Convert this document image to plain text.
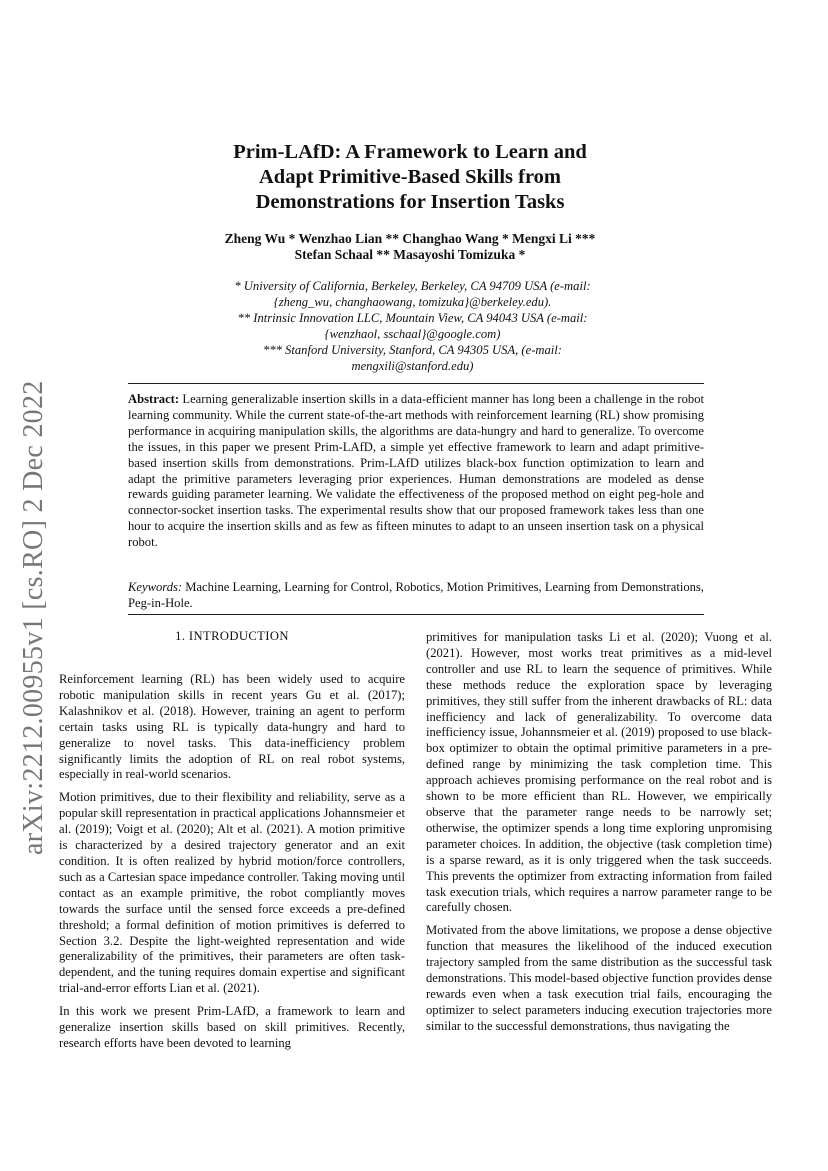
arXiv:2212.00955v1 [cs.RO] 2 Dec 2022
Prim-LAfD: A Framework to Learn and
Adapt Primitive-Based Skills from
Demonstrations for Insertion Tasks
Zheng Wu * Wenzhao Lian ** Changhao Wang * Mengxi Li ***
Stefan Schaal ** Masayoshi Tomizuka *
* University of California, Berkeley, Berkeley, CA 94709 USA (e-mail:
{zheng_wu, changhaowang, tomizuka}@berkeley.edu).
** Intrinsic Innovation LLC, Mountain View, CA 94043 USA (e-mail:
{wenzhaol, sschaal}@google.com)
*** Stanford University, Stanford, CA 94305 USA, (e-mail:
mengxili@stanford.edu)
Abstract: Learning generalizable insertion skills in a data-efficient manner has long been a challenge in the robot learning community. While the current state-of-the-art methods with reinforcement learning (RL) show promising performance in acquiring manipulation skills, the algorithms are data-hungry and hard to generalize. To overcome the issues, in this paper we present Prim-LAfD, a simple yet effective framework to learn and adapt primitive-based insertion skills from demonstrations. Prim-LAfD utilizes black-box function optimization to learn and adapt the primitive parameters leveraging prior experiences. Human demonstrations are modeled as dense rewards guiding parameter learning. We validate the effectiveness of the proposed method on eight peg-hole and connector-socket insertion tasks. The experimental results show that our proposed framework takes less than one hour to acquire the insertion skills and as few as fifteen minutes to adapt to an unseen insertion task on a physical robot.
Keywords: Machine Learning, Learning for Control, Robotics, Motion Primitives, Learning from Demonstrations, Peg-in-Hole.
1. INTRODUCTION

Reinforcement learning (RL) has been widely used to acquire robotic manipulation skills in recent years Gu et al. (2017); Kalashnikov et al. (2018). However, training an agent to perform certain tasks using RL is typically data-hungry and hard to generalize to novel tasks. This data-inefficiency problem significantly limits the adoption of RL on real robot systems, especially in real-world scenarios.

Motion primitives, due to their flexibility and reliability, serve as a popular skill representation in practical applications Johannsmeier et al. (2019); Voigt et al. (2020); Alt et al. (2021). A motion primitive is characterized by a desired trajectory generator and an exit condition. It is often realized by hybrid motion/force controllers, such as a Cartesian space impedance controller. Taking moving until contact as an example primitive, the robot compliantly moves towards the surface until the sensed force exceeds a pre-defined threshold; a formal definition of motion primitives is deferred to Section 3.2. Despite the light-weighted representation and wide generalizability of the primitives, their parameters are often task-dependent, and the tuning requires domain expertise and significant trial-and-error efforts Lian et al. (2021).

In this work we present Prim-LAfD, a framework to learn and generalize insertion skills based on skill primitives. Recently, research efforts have been devoted to learning

primitives for manipulation tasks Li et al. (2020); Vuong et al. (2021). However, most works treat primitives as a mid-level controller and use RL to learn the sequence of primitives. While these methods reduce the exploration space by leveraging primitives, they still suffer from the inherent drawbacks of RL: data inefficiency and lack of generalizability. To overcome data inefficiency issue, Johannsmeier et al. (2019) proposed to use black-box optimizer to obtain the optimal primitive parameters in a pre-defined range by minimizing the task completion time. This approach achieves promising performance on the real robot and is shown to be more efficient than RL. However, we empirically observe that the parameter range needs to be narrowly set; otherwise, the optimizer spends a long time exploring unpromising parameter choices. In addition, the objective (task completion time) is a sparse reward, as it is only triggered when the task succeeds. This prevents the optimizer from extracting information from failed task execution trials, which requires a narrow parameter range to be carefully chosen.

Motivated from the above limitations, we propose a dense objective function that measures the likelihood of the induced execution trajectory sampled from the same distribution as the successful task demonstrations. This model-based objective function provides dense rewards even when a task execution trial fails, encouraging the optimizer to select parameters inducing execution trajectories more similar to the successful demonstrations, thus navigating the
